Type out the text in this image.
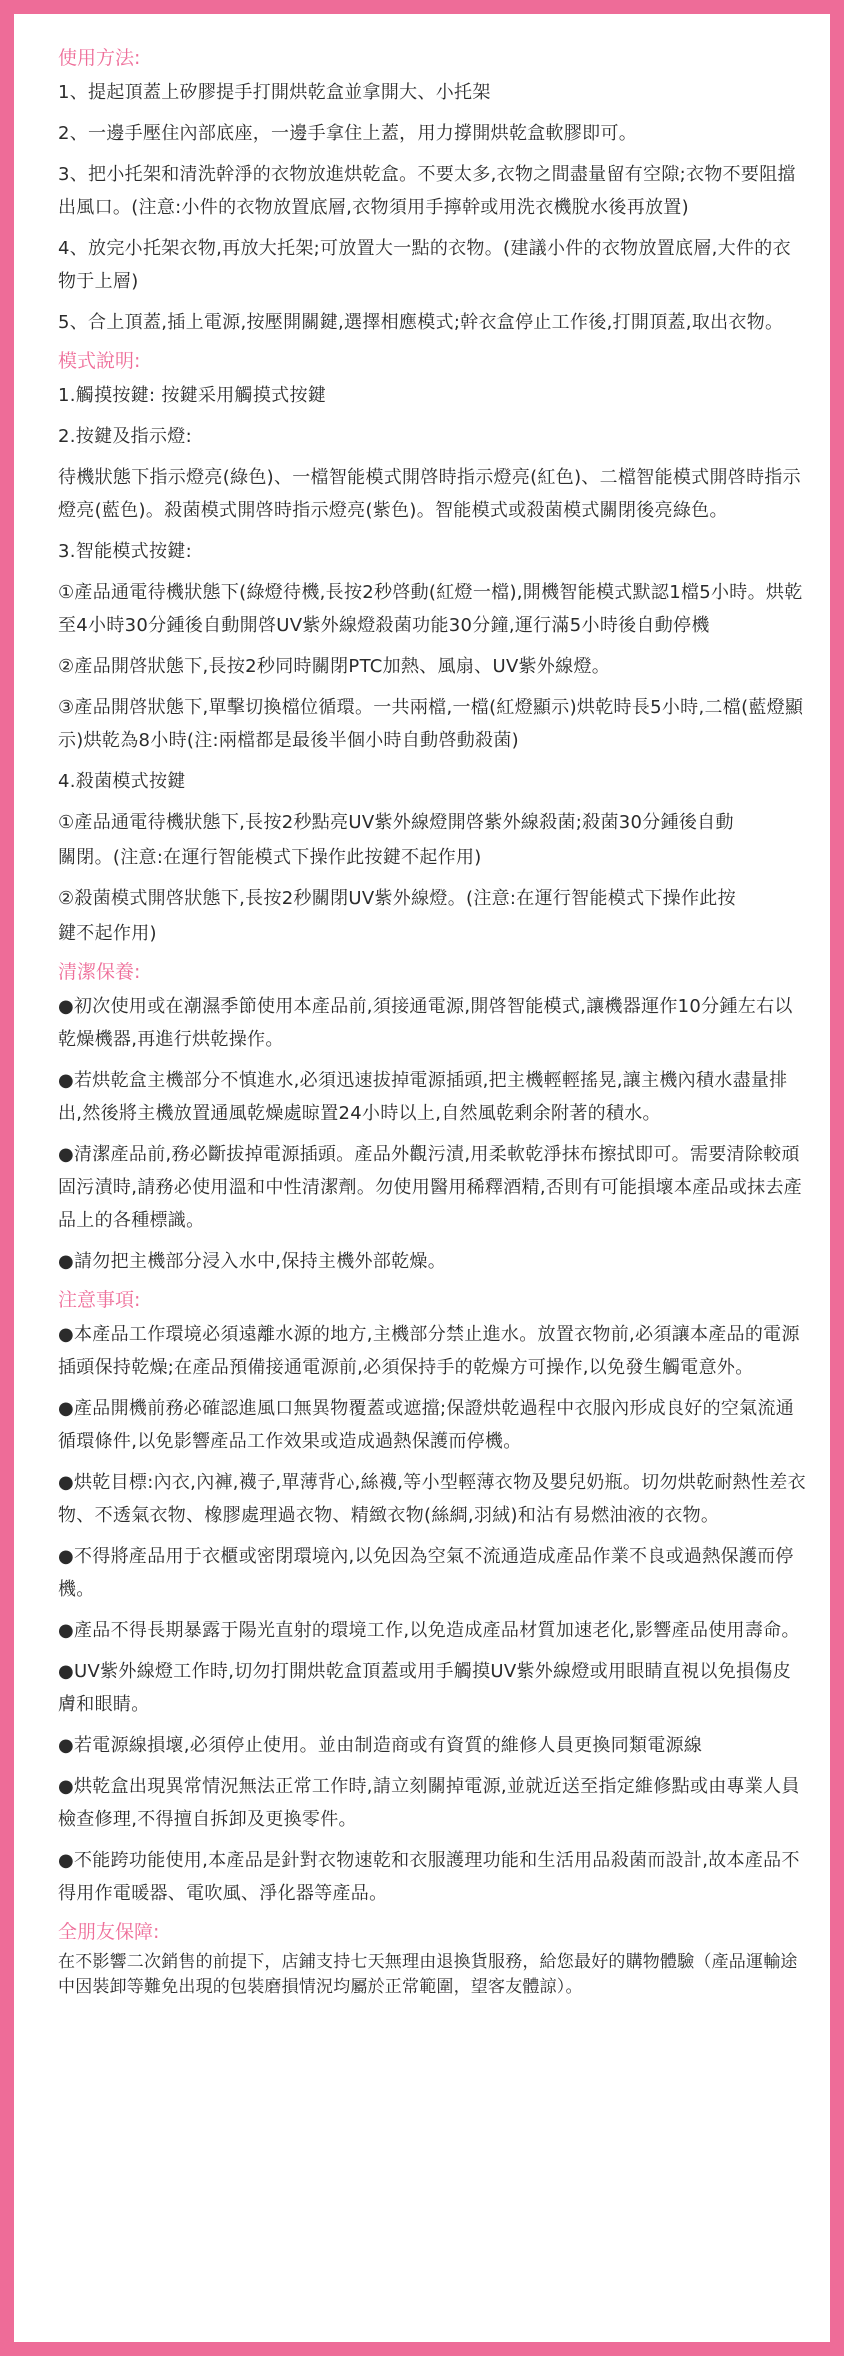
使用方法:

1、提起頂蓋上矽膠提手打開烘乾盒並拿開大、小托架

2、一邊手壓住內部底座，一邊手拿住上蓋，用力撐開烘乾盒軟膠即可。

3、把小托架和清洗幹淨的衣物放進烘乾盒。不要太多,衣物之間盡量留有空隙;衣物不要阻擋出風口。(注意:小件的衣物放置底層,衣物須用手擰幹或用洗衣機脫水後再放置)

4、放完小托架衣物,再放大托架;可放置大一點的衣物。(建議小件的衣物放置底層,大件的衣物于上層)

5、合上頂蓋,插上電源,按壓開關鍵,選擇相應模式;幹衣盒停止工作後,打開頂蓋,取出衣物。

模式說明:

1.觸摸按鍵: 按鍵采用觸摸式按鍵

2.按鍵及指示燈:

待機狀態下指示燈亮(綠色)、一檔智能模式開啓時指示燈亮(紅色)、二檔智能模式開啓時指示燈亮(藍色)。殺菌模式開啓時指示燈亮(紫色)。智能模式或殺菌模式關閉後亮綠色。

3.智能模式按鍵:

①產品通電待機狀態下(綠燈待機,長按2秒啓動(紅燈一檔),開機智能模式默認1檔5小時。烘乾至4小時30分鍾後自動開啓UV紫外線燈殺菌功能30分鐘,運行滿5小時後自動停機

②產品開啓狀態下,長按2秒同時關閉PTC加熱、風扇、UV紫外線燈。

③產品開啓狀態下,單擊切換檔位循環。一共兩檔,一檔(紅燈顯示)烘乾時長5小時,二檔(藍燈顯示)烘乾為8小時(注:兩檔都是最後半個小時自動啓動殺菌)

4.殺菌模式按鍵

①產品通電待機狀態下,長按2秒點亮UV紫外線燈開啓紫外線殺菌;殺菌30分鍾後自動

關閉。(注意:在運行智能模式下操作此按鍵不起作用)

②殺菌模式開啓狀態下,長按2秒關閉UV紫外線燈。(注意:在運行智能模式下操作此按

鍵不起作用)

清潔保養:

●初次使用或在潮濕季節使用本產品前,須接通電源,開啓智能模式,讓機器運作10分鍾左右以乾燥機器,再進行烘乾操作。

●若烘乾盒主機部分不慎進水,必須迅速拔掉電源插頭,把主機輕輕搖晃,讓主機內積水盡量排出,然後將主機放置通風乾燥處晾置24小時以上,自然風乾剩余附著的積水。

●清潔產品前,務必斷拔掉電源插頭。產品外觀污漬,用柔軟乾淨抹布擦拭即可。需要清除較頑固污漬時,請務必使用溫和中性清潔劑。勿使用醫用稀釋酒精,否則有可能損壞本產品或抹去產品上的各種標識。

●請勿把主機部分浸入水中,保持主機外部乾燥。

注意事項:

●本產品工作環境必須遠離水源的地方,主機部分禁止進水。放置衣物前,必須讓本產品的電源插頭保持乾燥;在產品預備接通電源前,必須保持手的乾燥方可操作,以免發生觸電意外。

●產品開機前務必確認進風口無異物覆蓋或遮擋;保證烘乾過程中衣服內形成良好的空氣流通循環條件,以免影響產品工作效果或造成過熱保護而停機。

●烘乾目標:內衣,內褲,襪子,單薄背心,絲襪,等小型輕薄衣物及嬰兒奶瓶。切勿烘乾耐熱性差衣物、不透氣衣物、橡膠處理過衣物、精緻衣物(絲綢,羽絨)和沾有易燃油液的衣物。

●不得將產品用于衣櫃或密閉環境內,以免因為空氣不流通造成產品作業不良或過熱保護而停機。

●產品不得長期暴露于陽光直射的環境工作,以免造成產品材質加速老化,影響產品使用壽命。

●UV紫外線燈工作時,切勿打開烘乾盒頂蓋或用手觸摸UV紫外線燈或用眼睛直視以免損傷皮膚和眼睛。

●若電源線損壞,必須停止使用。並由制造商或有資質的維修人員更換同類電源線

●烘乾盒出現異常情況無法正常工作時,請立刻關掉電源,並就近送至指定維修點或由專業人員檢查修理,不得擅自拆卸及更換零件。

●不能跨功能使用,本產品是針對衣物速乾和衣服護理功能和生活用品殺菌而設計,故本產品不得用作電暖器、電吹風、淨化器等產品。

全朋友保障:

在不影響二次銷售的前提下，店鋪支持七天無理由退換貨服務，給您最好的購物體驗（產品運輸途中因裝卸等難免出現的包裝磨損情況均屬於正常範圍，望客友體諒）。
